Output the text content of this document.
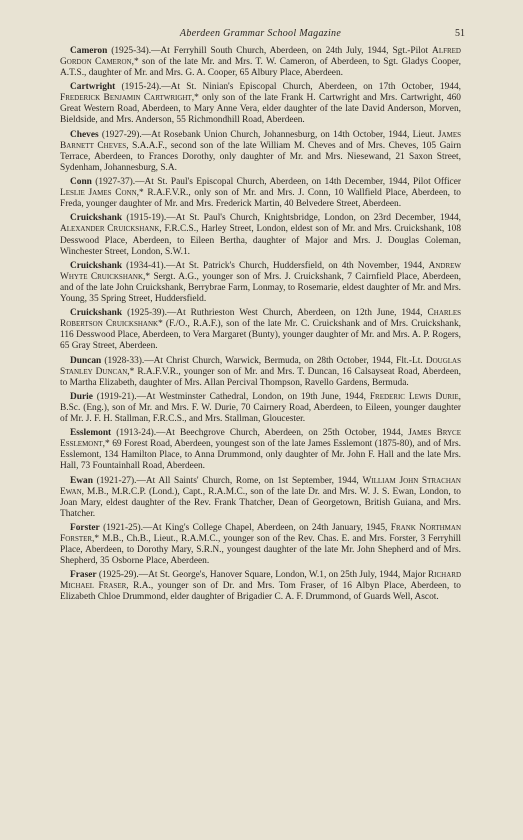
Aberdeen Grammar School Magazine	51

Cameron (1925-34).—At Ferryhill South Church, Aberdeen, on 24th July, 1944, Sgt.-Pilot Alfred Gordon Cameron,* son of the late Mr. and Mrs. T. W. Cameron, of Aberdeen, to Sgt. Gladys Cooper, A.T.S., daughter of Mr. and Mrs. G. A. Cooper, 65 Albury Place, Aberdeen.

Cartwright (1915-24).—At St. Ninian's Episcopal Church, Aberdeen, on 17th October, 1944, Frederick Benjamin Cartwright,* only son of the late Frank H. Cartwright and Mrs. Cartwright, 460 Great Western Road, Aberdeen, to Mary Anne Vera, elder daughter of the late David Anderson, Morven, Bieldside, and Mrs. Anderson, 55 Richmondhill Road, Aberdeen.

Cheves (1927-29).—At Rosebank Union Church, Johannesburg, on 14th October, 1944, Lieut. James Barnett Cheves, S.A.A.F., second son of the late William M. Cheves and of Mrs. Cheves, 105 Gairn Terrace, Aberdeen, to Frances Dorothy, only daughter of Mr. and Mrs. Niesewand, 21 Saxon Street, Sydenham, Johannesburg, S.A.

Conn (1927-37).—At St. Paul's Episcopal Church, Aberdeen, on 14th December, 1944, Pilot Officer Leslie James Conn,* R.A.F.V.R., only son of Mr. and Mrs. J. Conn, 10 Wallfield Place, Aberdeen, to Freda, younger daughter of Mr. and Mrs. Frederick Martin, 40 Belvedere Street, Aberdeen.

Cruickshank (1915-19).—At St. Paul's Church, Knightsbridge, London, on 23rd December, 1944, Alexander Cruickshank, F.R.C.S., Harley Street, London, eldest son of Mr. and Mrs. Cruickshank, 108 Desswood Place, Aberdeen, to Eileen Bertha, daughter of Major and Mrs. J. Douglas Coleman, Winchester Street, London, S.W.1.

Cruickshank (1934-41).—At St. Patrick's Church, Huddersfield, on 4th November, 1944, Andrew Whyte Cruickshank,* Sergt. A.G., younger son of Mrs. J. Cruickshank, 7 Cairnfield Place, Aberdeen, and of the late John Cruickshank, Berrybrae Farm, Lonmay, to Rosemarie, eldest daughter of Mr. and Mrs. Young, 35 Spring Street, Huddersfield.

Cruickshank (1925-39).—At Ruthrieston West Church, Aberdeen, on 12th June, 1944, Charles Robertson Cruickshank* (F./O., R.A.F.), son of the late Mr. C. Cruickshank and of Mrs. Cruickshank, 116 Desswood Place, Aberdeen, to Vera Margaret (Bunty), younger daughter of Mr. and Mrs. A. P. Rogers, 65 Gray Street, Aberdeen.

Duncan (1928-33).—At Christ Church, Warwick, Bermuda, on 28th October, 1944, Flt.-Lt. Douglas Stanley Duncan,* R.A.F.V.R., younger son of Mr. and Mrs. T. Duncan, 16 Calsayseat Road, Aberdeen, to Martha Elizabeth, daughter of Mrs. Allan Percival Thompson, Ravello Gardens, Bermuda.

Durie (1919-21).—At Westminster Cathedral, London, on 19th June, 1944, Frederic Lewis Durie, B.Sc. (Eng.), son of Mr. and Mrs. F. W. Durie, 70 Cairnery Road, Aberdeen, to Eileen, younger daughter of Mr. J. F. H. Stallman, F.R.C.S., and Mrs. Stallman, Gloucester.

Esslemont (1913-24).—At Beechgrove Church, Aberdeen, on 25th October, 1944, James Bryce Esslemont,* 69 Forest Road, Aberdeen, youngest son of the late James Esslemont (1875-80), and of Mrs. Esslemont, 134 Hamilton Place, to Anna Drummond, only daughter of Mr. John F. Hall and the late Mrs. Hall, 73 Fountainhall Road, Aberdeen.

Ewan (1921-27).—At All Saints' Church, Rome, on 1st September, 1944, William John Strachan Ewan, M.B., M.R.C.P. (Lond.), Capt., R.A.M.C., son of the late Dr. and Mrs. W. J. S. Ewan, London, to Joan Mary, eldest daughter of the Rev. Frank Thatcher, Dean of Georgetown, British Guiana, and Mrs. Thatcher.

Forster (1921-25).—At King's College Chapel, Aberdeen, on 24th January, 1945, Frank Northman Forster,* M.B., Ch.B., Lieut., R.A.M.C., younger son of the Rev. Chas. E. and Mrs. Forster, 3 Ferryhill Place, Aberdeen, to Dorothy Mary, S.R.N., youngest daughter of the late Mr. John Shepherd and of Mrs. Shepherd, 35 Osborne Place, Aberdeen.

Fraser (1925-29).—At St. George's, Hanover Square, London, W.1, on 25th July, 1944, Major Richard Michael Fraser, R.A., younger son of Dr. and Mrs. Tom Fraser, of 16 Albyn Place, Aberdeen, to Elizabeth Chloe Drummond, elder daughter of Brigadier C. A. F. Drummond, of Guards Well, Ascot.
